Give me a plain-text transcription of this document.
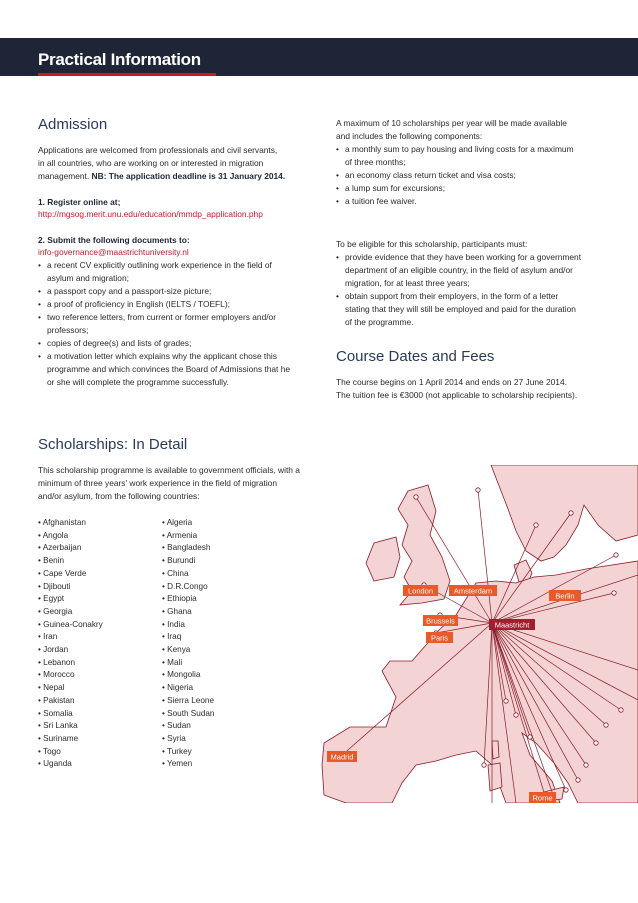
Practical Information
Admission
Applications are welcomed from professionals and civil servants,
in all countries, who are working on or interested in migration
management. NB: The application deadline is 31 January 2014.
1. Register online at;
http://mgsog.merit.unu.edu/education/mmdp_application.php
2. Submit the following documents to:
info-governance@maastrichtuniversity.nl
• a recent CV explicitly outlining work experience in the field of asylum and migration;
• a passport copy and a passport-size picture;
• a proof of proficiency in English (IELTS / TOEFL);
• two reference letters, from current or former employers and/or professors;
• copies of degree(s) and lists of grades;
• a motivation letter which explains why the applicant chose this programme and which convinces the Board of Admissions that he or she will complete the programme successfully.
A maximum of 10 scholarships per year will be made available and includes the following components:
• a monthly sum to pay housing and living costs for a maximum of three months;
• an economy class return ticket and visa costs;
• a lump sum for excursions;
• a tuition fee waiver.
To be eligible for this scholarship, participants must:
• provide evidence that they have been working for a government department of an eligible country, in the field of asylum and/or migration, for at least three years;
• obtain support from their employers, in the form of a letter stating that they will still be employed and paid for the duration of the programme.
Course Dates and Fees
The course begins on 1 April 2014 and ends on 27 June 2014.
The tuition fee is €3000 (not applicable to scholarship recipients).
Scholarships: In Detail
This scholarship programme is available to government officials, with a minimum of three years' work experience in the field of migration and/or asylum, from the following countries:
• Afghanistan
• Angola
• Azerbaijan
• Benin
• Cape Verde
• Djibouti
• Egypt
• Georgia
• Guinea-Conakry
• Iran
• Jordan
• Lebanon
• Morocco
• Nepal
• Pakistan
• Somalia
• Sri Lanka
• Suriname
• Togo
• Uganda
• Algeria
• Armenia
• Bangladesh
• Burundi
• China
• D.R.Congo
• Ethiopia
• Ghana
• India
• Iraq
• Kenya
• Mali
• Mongolia
• Nigeria
• Sierra Leone
• South Sudan
• Sudan
• Syria
• Turkey
• Yemen
London	Amsterdam
Berlin
Brussels	Maastricht
Paris
Madrid
Rome
